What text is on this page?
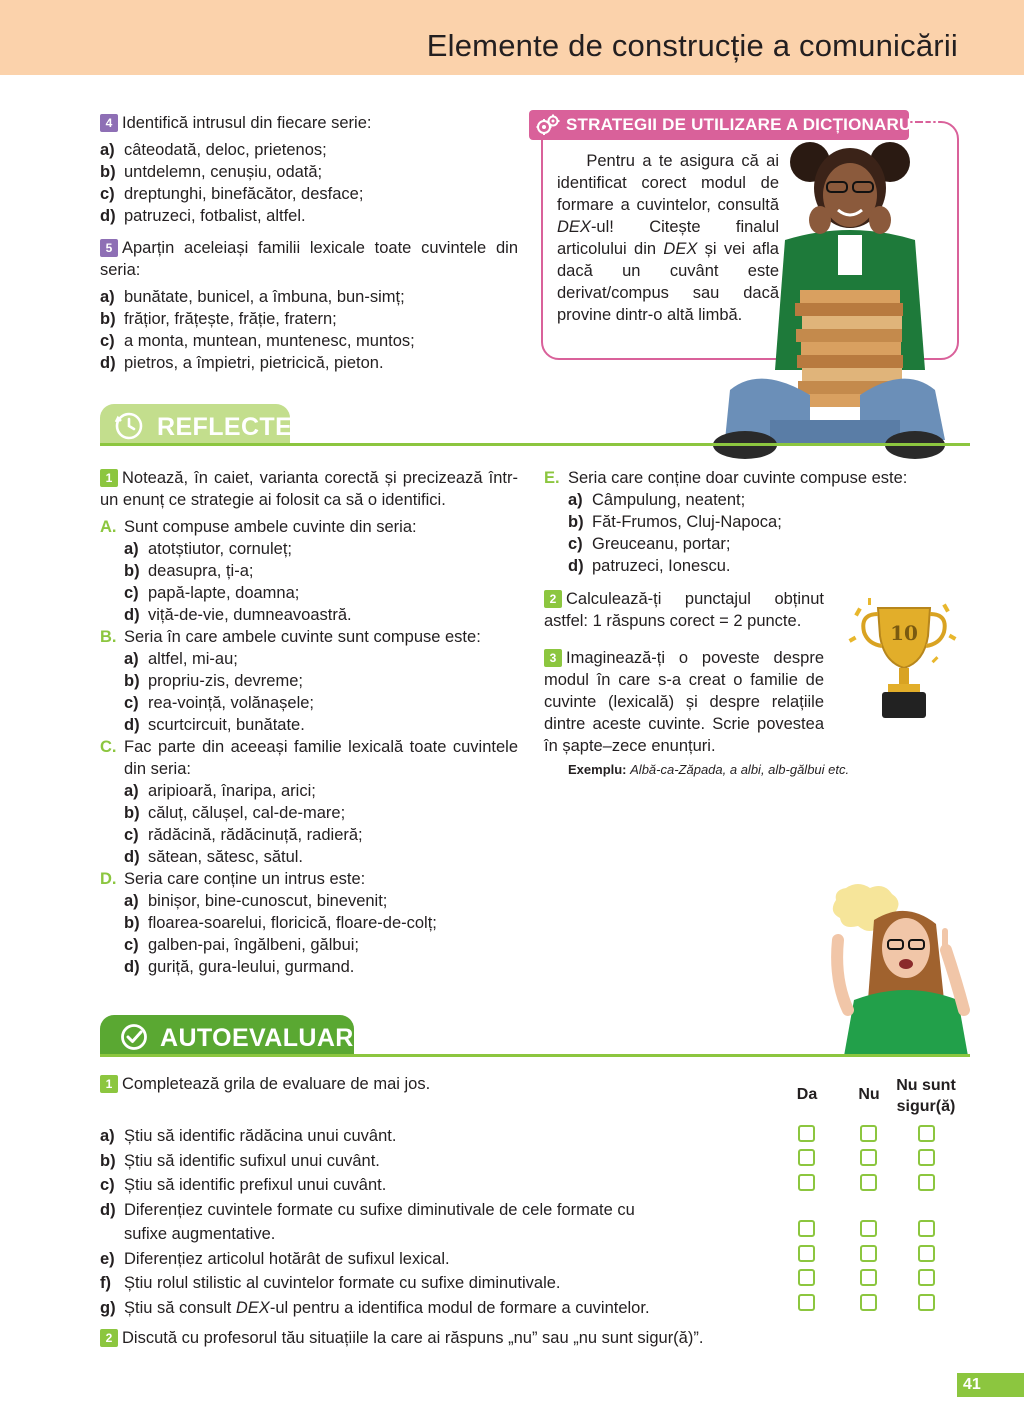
Elemente de construcție a comunicării
4 Identifică intrusul din fiecare serie:
a) câteodată, deloc, prietenos;
b) untdelemn, cenușiu, odată;
c) dreptunghi, binefăcător, desface;
d) patruzeci, fotbalist, altfel.
5 Aparțin aceleiași familii lexicale toate cuvintele din seria:
a) bunătate, bunicel, a îmbuna, bun-simț;
b) frățior, frățește, frăție, fratern;
c) a monta, muntean, muntenesc, muntos;
d) pietros, a împietri, pietricică, pieton.
STRATEGII DE UTILIZARE A DICȚIONARULUI
Pentru a te asigura că ai identificat corect modul de formare a cuvintelor, consultă DEX-ul! Citește finalul articolului din DEX și vei afla dacă un cuvânt este derivat/compus sau dacă provine dintr-o altă limbă.
REFLECTEZ
1 Notează, în caiet, varianta corectă și precizează într-un enunț ce strategie ai folosit ca să o identifici.
A. Sunt compuse ambele cuvinte din seria:
a) atotștiutor, cornuleț;
b) deasupra, ți-a;
c) papă-lapte, doamna;
d) viță-de-vie, dumneavoastră.
B. Seria în care ambele cuvinte sunt compuse este:
a) altfel, mi-au;
b) propriu-zis, devreme;
c) rea-voință, volănașele;
d) scurtcircuit, bunătate.
C. Fac parte din aceeași familie lexicală toate cuvintele din seria:
a) aripioară, înaripa, arici;
b) căluț, călușel, cal-de-mare;
c) rădăcină, rădăcinuță, radieră;
d) sătean, sătesc, sătul.
D. Seria care conține un intrus este:
a) binișor, bine-cunoscut, binevenit;
b) floarea-soarelui, floricică, floare-de-colț;
c) galben-pai, îngălbeni, gălbui;
d) guriță, gura-leului, gurmand.
E. Seria care conține doar cuvinte compuse este:
a) Câmpulung, neatent;
b) Făt-Frumos, Cluj-Napoca;
c) Greuceanu, portar;
d) patruzeci, Ionescu.
2 Calculează-ți punctajul obținut astfel: 1 răspuns corect = 2 puncte.	10
3 Imaginează-ți o poveste despre modul în care s-a creat o familie de cuvinte (lexicală) și despre relațiile dintre aceste cuvinte. Scrie povestea în șapte–zece enunțuri.
Exemplu: Albă-ca-Zăpada, a albi, alb-gălbui etc.
AUTOEVALUARE
1 Completează grila de evaluare de mai jos.
Da	Nu
Nu sunt
sigur(ă)
a) Știu să identific rădăcina unui cuvânt.
b) Știu să identific sufixul unui cuvânt.
c) Știu să identific prefixul unui cuvânt.
d) Diferențiez cuvintele formate cu sufixe diminutivale de cele formate cu sufixe augmentative.
e) Diferențiez articolul hotărât de sufixul lexical.
f) Știu rolul stilistic al cuvintelor formate cu sufixe diminutivale.
g) Știu să consult DEX-ul pentru a identifica modul de formare a cuvintelor.
2 Discută cu profesorul tău situațiile la care ai răspuns „nu” sau „nu sunt sigur(ă)”.
41
